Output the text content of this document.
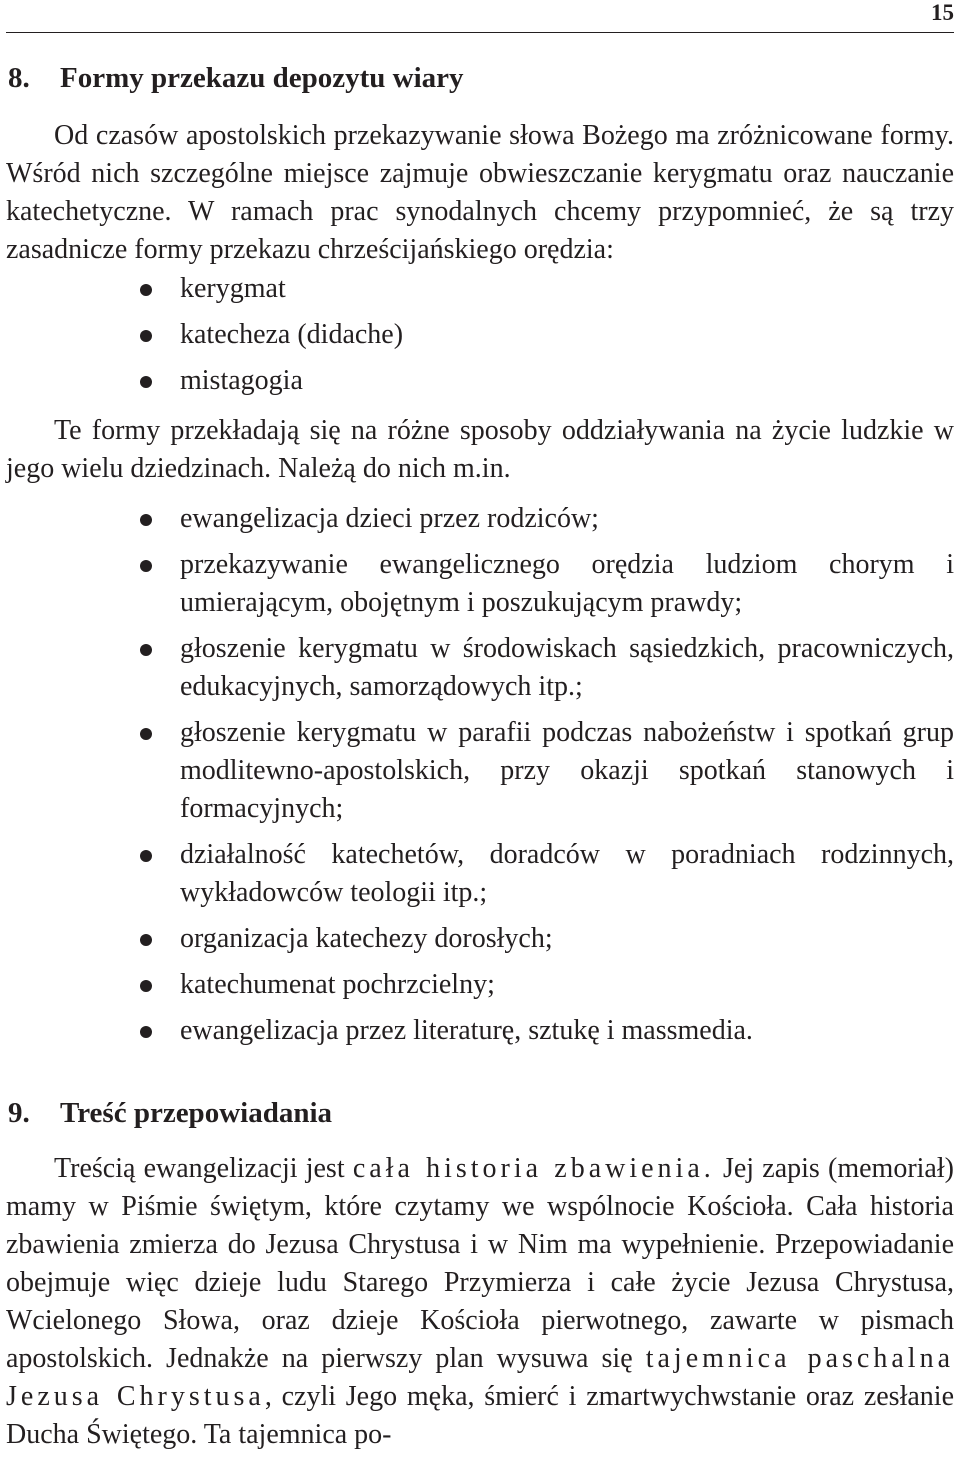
15
8. Formy przekazu depozytu wiary

Od czasów apostolskich przekazywanie słowa Bożego ma zróżnicowane formy. Wśród nich szczególne miejsce zajmuje obwieszczanie kerygmatu oraz nauczanie katechetyczne. W ramach prac synodalnych chcemy przypomnieć, że są trzy zasadnicze formy przekazu chrześcijańskiego orędzia:

kerygmat
katecheza (didache)
mistagogia

Te formy przekładają się na różne sposoby oddziaływania na życie ludzkie w jego wielu dziedzinach. Należą do nich m.in.

ewangelizacja dzieci przez rodziców;
przekazywanie ewangelicznego orędzia ludziom chorym i umierającym, obojętnym i poszukującym prawdy;
głoszenie kerygmatu w środowiskach sąsiedzkich, pracowniczych, edukacyjnych, samorządowych itp.;
głoszenie kerygmatu w parafii podczas nabożeństw i spotkań grup modlitewno-apostolskich, przy okazji spotkań stanowych i formacyjnych;
działalność katechetów, doradców w poradniach rodzinnych, wykładowców teologii itp.;
organizacja katechezy dorosłych;
katechumenat pochrzcielny;
ewangelizacja przez literaturę, sztukę i massmedia.
9. Treść przepowiadania

Treścią ewangelizacji jest cała historia zbawienia. Jej zapis (memoriał) mamy w Piśmie świętym, które czytamy we wspólnocie Kościoła. Cała historia zbawienia zmierza do Jezusa Chrystusa i w Nim ma wypełnienie. Przepowiadanie obejmuje więc dzieje ludu Starego Przymierza i całe życie Jezusa Chrystusa, Wcielonego Słowa, oraz dzieje Kościoła pierwotnego, zawarte w pismach apostolskich. Jednakże na pierwszy plan wysuwa się tajemnica paschalna Jezusa Chrystusa, czyli Jego męka, śmierć i zmartwychwstanie oraz zesłanie Ducha Świętego. Ta tajemnica po-
